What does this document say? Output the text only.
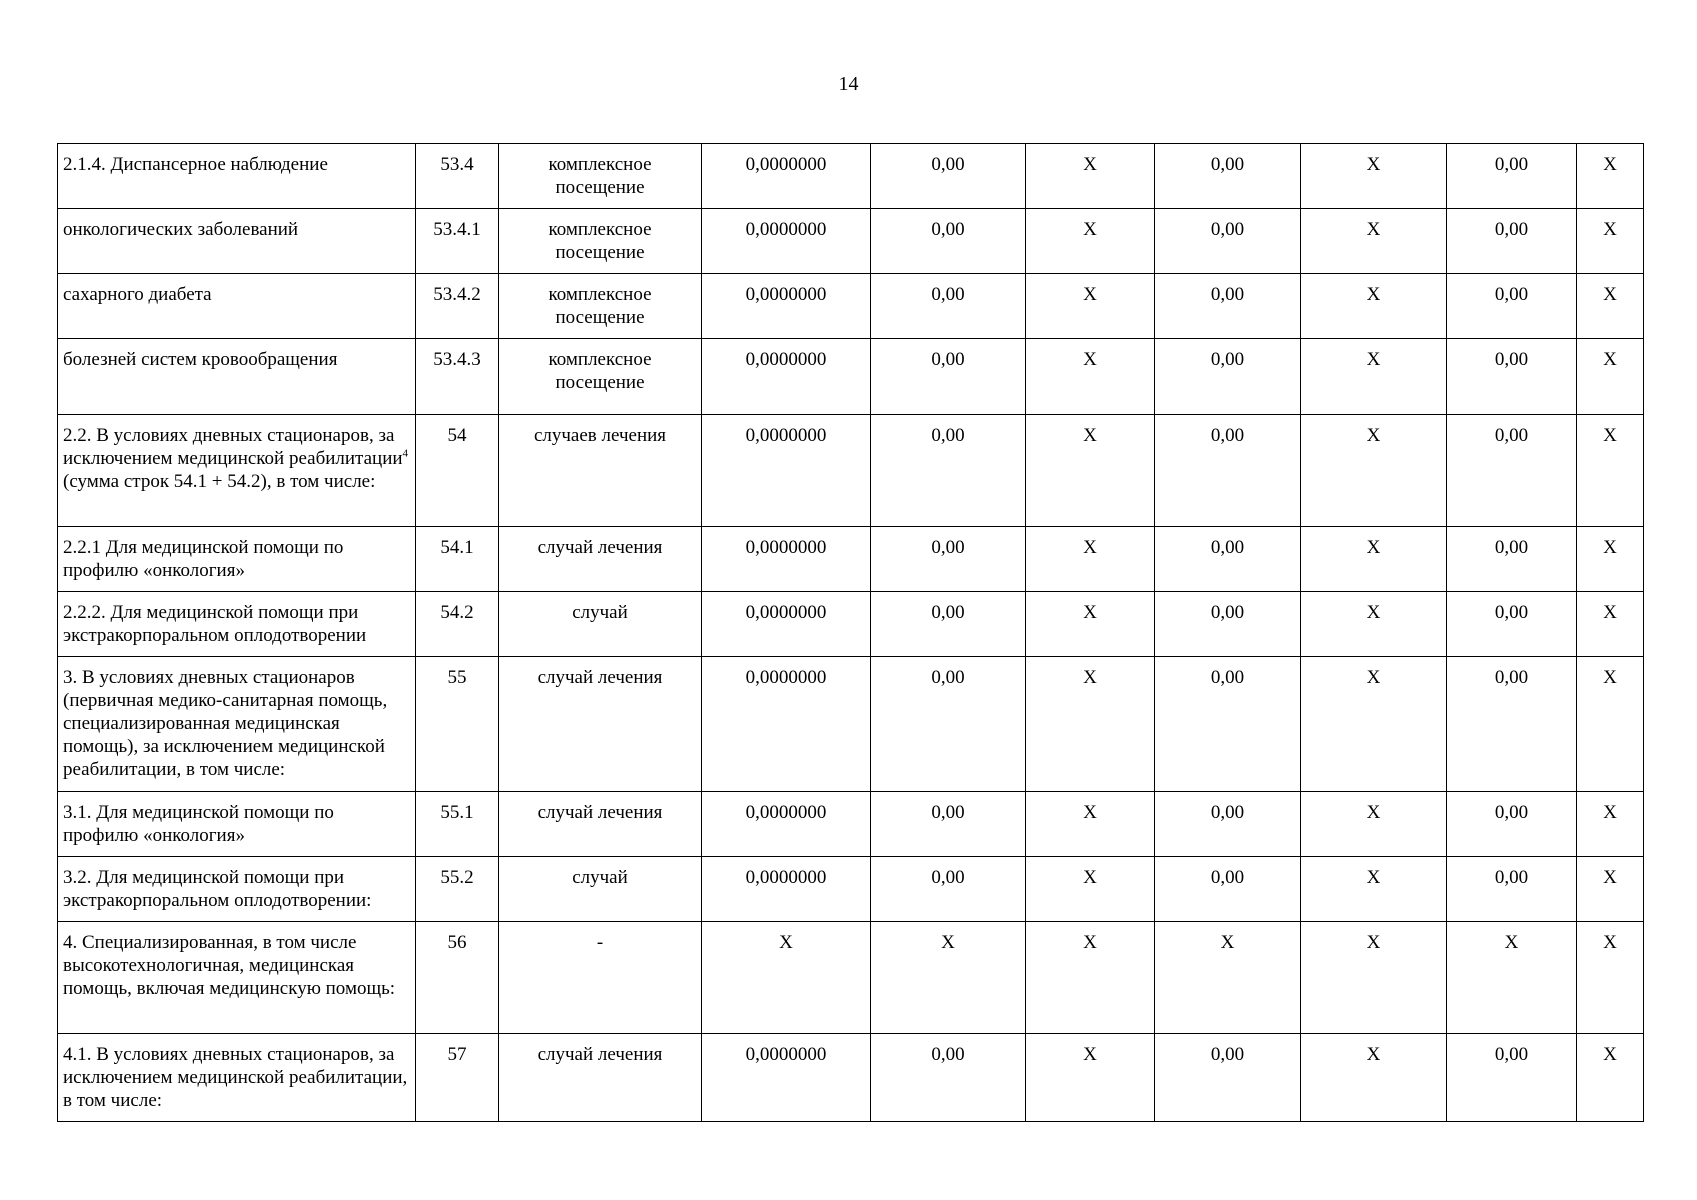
14
2.1.4. Диспансерное наблюдение	53.4	комплексное посещение	0,0000000	0,00	X	0,00	X	0,00	X
онкологических заболеваний	53.4.1	комплексное посещение	0,0000000	0,00	X	0,00	X	0,00	X
сахарного диабета	53.4.2	комплексное посещение	0,0000000	0,00	X	0,00	X	0,00	X
болезней систем кровообращения	53.4.3	комплексное посещение	0,0000000	0,00	X	0,00	X	0,00	X
2.2. В условиях дневных стационаров, за исключением медицинской реабилитации$^4$ (сумма строк 54.1 + 54.2), в том числе:	54	случаев лечения	0,0000000	0,00	X	0,00	X	0,00	X
2.2.1 Для медицинской помощи по профилю «онкология»	54.1	случай лечения	0,0000000	0,00	X	0,00	X	0,00	X
2.2.2. Для медицинской помощи при экстракорпоральном оплодотворении	54.2	случай	0,0000000	0,00	X	0,00	X	0,00	X
3. В условиях дневных стационаров (первичная медико-санитарная помощь, специализированная медицинская помощь), за исключением медицинской реабилитации, в том числе:	55	случай лечения	0,0000000	0,00	X	0,00	X	0,00	X
3.1. Для медицинской помощи по профилю «онкология»	55.1	случай лечения	0,0000000	0,00	X	0,00	X	0,00	X
3.2. Для медицинской помощи при экстракорпоральном оплодотворении:	55.2	случай	0,0000000	0,00	X	0,00	X	0,00	X
4. Специализированная, в том числе высокотехнологичная, медицинская помощь, включая медицинскую помощь:	56	-	X	X	X	X	X	X	X
4.1. В условиях дневных стационаров, за исключением медицинской реабилитации, в том числе:	57	случай лечения	0,0000000	0,00	X	0,00	X	0,00	X
